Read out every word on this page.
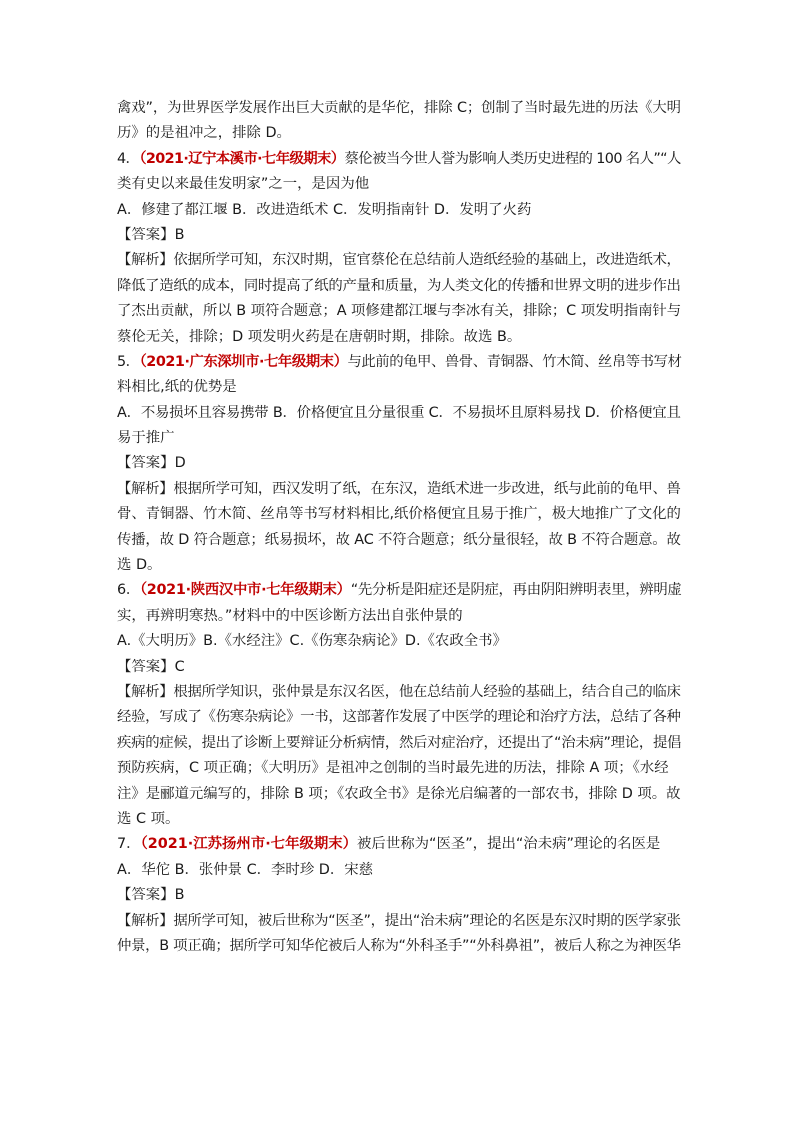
禽戏”，为世界医学发展作出巨大贡献的是华佗，排除 C；创制了当时最先进的历法《大明
历》的是祖冲之，排除 D。
4．（2021·辽宁本溪市·七年级期末）蔡伦被当今世人誉为影响人类历史进程的 100 名人”“人
类有史以来最佳发明家”之一，是因为他
A．修建了都江堰 B．改进造纸术 C．发明指南针 D．发明了火药
【答案】B
【解析】依据所学可知，东汉时期，宦官蔡伦在总结前人造纸经验的基础上，改进造纸术，
降低了造纸的成本，同时提高了纸的产量和质量，为人类文化的传播和世界文明的进步作出
了杰出贡献，所以 B 项符合题意；A 项修建都江堰与李冰有关，排除；C 项发明指南针与
蔡伦无关，排除；D 项发明火药是在唐朝时期，排除。故选 B。
5．（2021·广东深圳市·七年级期末）与此前的龟甲、兽骨、青铜器、竹木简、丝帛等书写材
料相比,纸的优势是
A．不易损坏且容易携带 B．价格便宜且分量很重 C．不易损坏且原料易找 D．价格便宜且
易于推广
【答案】D
【解析】根据所学可知，西汉发明了纸，在东汉，造纸术进一步改进，纸与此前的龟甲、兽
骨、青铜器、竹木简、丝帛等书写材料相比,纸价格便宜且易于推广，极大地推广了文化的
传播，故 D 符合题意；纸易损坏，故 AC 不符合题意；纸分量很轻，故 B 不符合题意。故
选 D。
6．（2021·陕西汉中市·七年级期末）“先分析是阳症还是阴症，再由阴阳辨明表里，辨明虚
实，再辨明寒热。”材料中的中医诊断方法出自张仲景的
A.《大明历》B.《水经注》C.《伤寒杂病论》D.《农政全书》
【答案】C
【解析】根据所学知识，张仲景是东汉名医，他在总结前人经验的基础上，结合自己的临床
经验，写成了《伤寒杂病论》一书，这部著作发展了中医学的理论和治疗方法，总结了各种
疾病的症候，提出了诊断上要辩证分析病情，然后对症治疗，还提出了“治未病”理论，提倡
预防疾病，C 项正确；《大明历》是祖冲之创制的当时最先进的历法，排除 A 项；《水经
注》是郦道元编写的，排除 B 项；《农政全书》是徐光启编著的一部农书，排除 D 项。故
选 C 项。
7．（2021·江苏扬州市·七年级期末）被后世称为“医圣”，提出“治未病”理论的名医是
A．华佗 B．张仲景 C．李时珍 D．宋慈
【答案】B
【解析】据所学可知，被后世称为“医圣”，提出“治未病”理论的名医是东汉时期的医学家张
仲景，B 项正确；据所学可知华佗被后人称为“外科圣手”“外科鼻祖”，被后人称之为神医华
